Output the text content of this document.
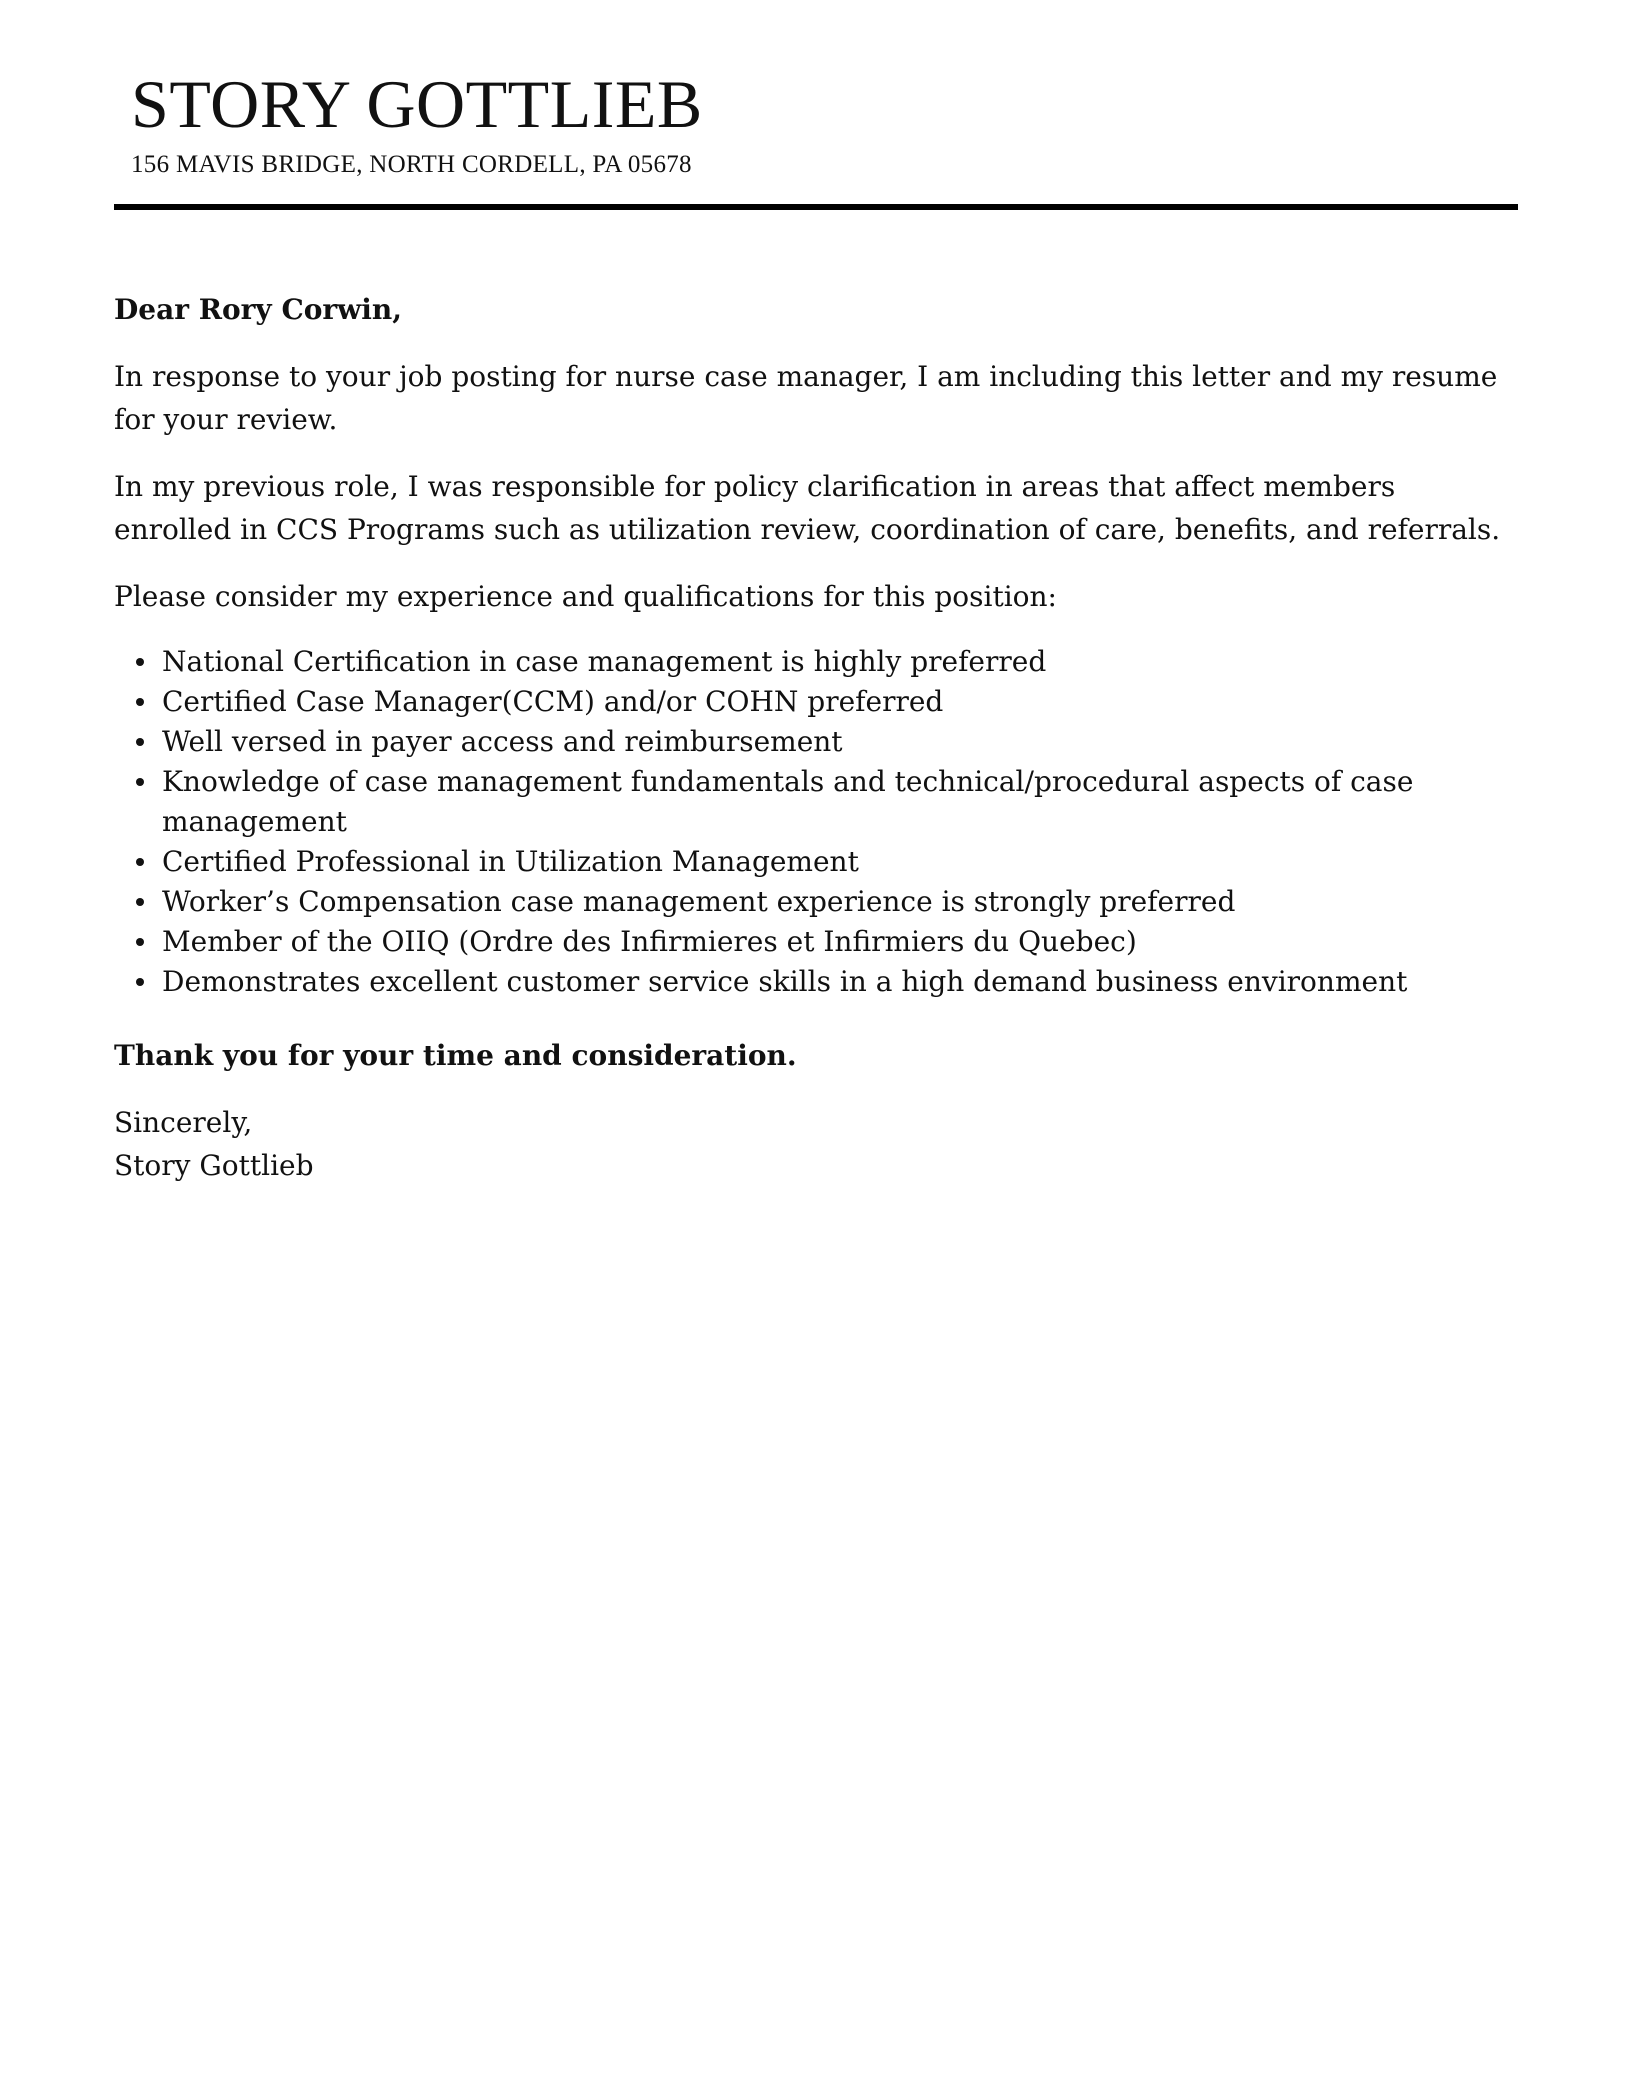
STORY GOTTLIEB
156 MAVIS BRIDGE, NORTH CORDELL, PA 05678

Dear Rory Corwin,

In response to your job posting for nurse case manager, I am including this letter and my resume for your review.

In my previous role, I was responsible for policy clarification in areas that affect members enrolled in CCS Programs such as utilization review, coordination of care, benefits, and referrals.

Please consider my experience and qualifications for this position:

National Certification in case management is highly preferred
Certified Case Manager(CCM) and/or COHN preferred
Well versed in payer access and reimbursement
Knowledge of case management fundamentals and technical/procedural aspects of case management
Certified Professional in Utilization Management
Worker’s Compensation case management experience is strongly preferred
Member of the OIIQ (Ordre des Infirmieres et Infirmiers du Quebec)
Demonstrates excellent customer service skills in a high demand business environment

Thank you for your time and consideration.

Sincerely,

Story Gottlieb
